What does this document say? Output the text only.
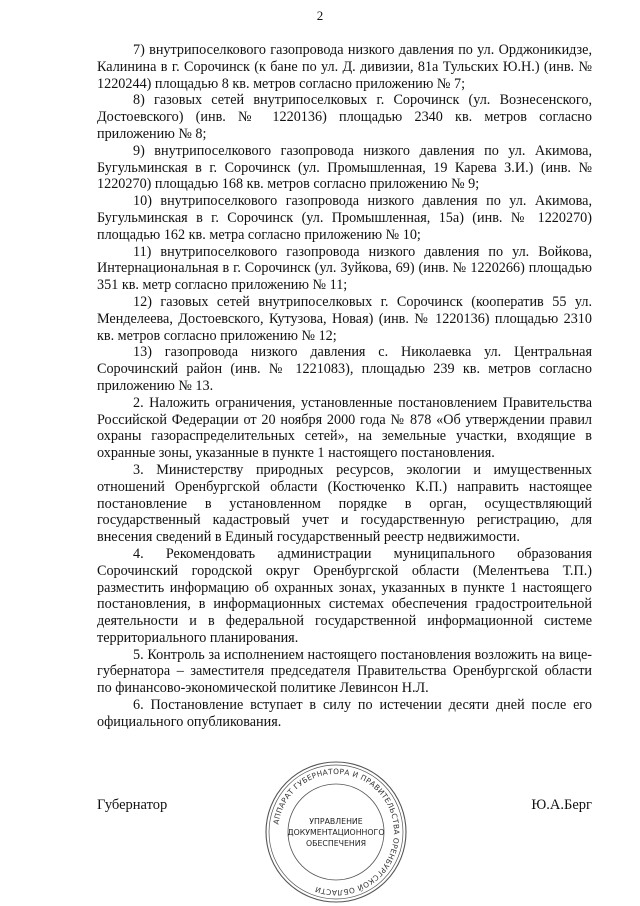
2

7) внутрипоселкового газопровода низкого давления по ул. Орджоникидзе, Калинина в г. Сорочинск (к бане по ул. Д. дивизии, 81а Тульских Ю.Н.) (инв. № 1220244) площадью 8 кв. метров согласно приложению № 7;

8) газовых сетей внутрипоселковых г. Сорочинск (ул. Вознесенского, Достоевского) (инв. № 1220136) площадью 2340 кв. метров согласно приложению № 8;

9) внутрипоселкового газопровода низкого давления по ул. Акимова, Бугульминская в г. Сорочинск (ул. Промышленная, 19 Карева З.И.) (инв. № 1220270) площадью 168 кв. метров согласно приложению № 9;

10) внутрипоселкового газопровода низкого давления по ул. Акимова, Бугульминская в г. Сорочинск (ул. Промышленная, 15а) (инв. № 1220270) площадью 162 кв. метра согласно приложению № 10;

11) внутрипоселкового газопровода низкого давления по ул. Войкова, Интернациональная в г. Сорочинск (ул. Зуйкова, 69) (инв. № 1220266) площадью 351 кв. метр согласно приложению № 11;

12) газовых сетей внутрипоселковых г. Сорочинск (кооператив 55 ул. Менделеева, Достоевского, Кутузова, Новая) (инв. № 1220136) площадью 2310 кв. метров согласно приложению № 12;

13) газопровода низкого давления с. Николаевка ул. Центральная Сорочинский район (инв. № 1221083), площадью 239 кв. метров согласно приложению № 13.

2. Наложить ограничения, установленные постановлением Правительства Российской Федерации от 20 ноября 2000 года № 878 «Об утверждении правил охраны газораспределительных сетей», на земельные участки, входящие в охранные зоны, указанные в пункте 1 настоящего постановления.

3. Министерству природных ресурсов, экологии и имущественных отношений Оренбургской области (Костюченко К.П.) направить настоящее постановление в установленном порядке в орган, осуществляющий государственный кадастровый учет и государственную регистрацию, для внесения сведений в Единый государственный реестр недвижимости.

4. Рекомендовать администрации муниципального образования Сорочинский городской округ Оренбургской области (Мелентьева Т.П.) разместить информацию об охранных зонах, указанных в пункте 1 настоящего постановления, в информационных системах обеспечения градостроительной деятельности и в федеральной государственной информационной системе территориального планирования.

5. Контроль за исполнением настоящего постановления возложить на вице-губернатора – заместителя председателя Правительства Оренбургской области по финансово-экономической политике Левинсон Н.Л.

6. Постановление вступает в силу по истечении десяти дней после его официального опубликования.

Губернатор	Ю.А.Берг
АППАРАТ ГУБЕРНАТОРА И ПРАВИТЕЛЬСТВА ОРЕНБУРГСКОЙ ОБЛАСТИ
УПРАВЛЕНИЕ
ДОКУМЕНТАЦИОННОГО
ОБЕСПЕЧЕНИЯ
